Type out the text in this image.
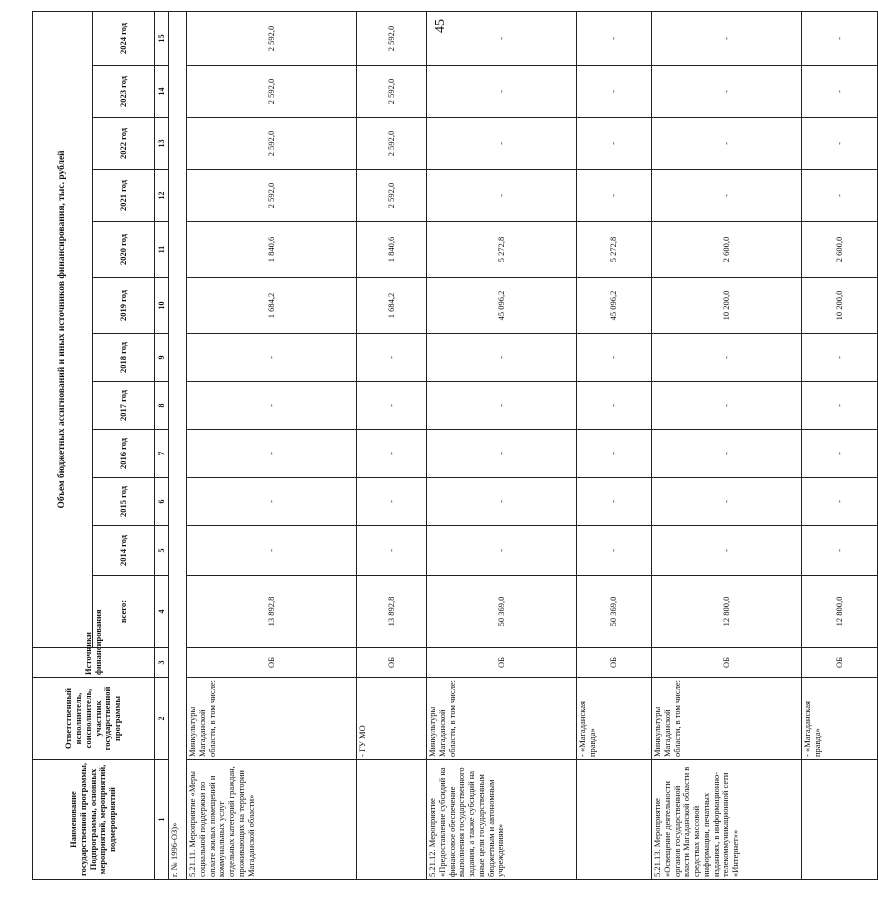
45
Наименование государственной программы, Подпрограммы, основных мероприятий, мероприятий, подмероприятий	Ответственный исполнитель, соисполнитель, участник государственной программы	Источники финансирования	Объем бюджетных ассигнований и иных источников финансирования, тыс. рублей											
			всего:	2014 год	2015 год	2016 год	2017 год	2018 год	2019 год	2020 год	2021 год	2022 год	2023 год	2024 год
1	2	3	4	5	6	7	8	9	10	11	12	13	14	15
г. № 1996-ОЗ)»														
5.21.11. Мероприятие «Меры социальной поддержки по оплате жилых помещений и коммунальных услуг отдельных категорий граждан, проживающих на территории Магаданской области»	Минкультуры Магаданской области, в том числе:	ОБ	13 892,8	-	-	-	-	-	1 684,2	1 840,6	2 592,0	2 592,0	2 592,0	2 592,0
	- ГУ МО	ОБ	13 892,8	-	-	-	-	-	1 684,2	1 840,6	2 592,0	2 592,0	2 592,0	2 592,0
5.21.12. Мероприятие «Предоставление субсидий на финансовое обеспечение выполнения государственного задания, а также субсидий на иные цели государственным бюджетным и автономным учреждениям»	Минкультуры Магаданской области, в том числе:	ОБ	50 369,0	-	-	-	-	-	45 096,2	5 272,8	-	-	-	-
	- «Магаданская правда»	ОБ	50 369,0	-	-	-	-	-	45 096,2	5 272,8	-	-	-	-
5.21.13. Мероприятие «Освещение деятельности органов государственной власти Магаданской области в средствах массовой информации, печатных изданиях, в информационно-телекоммуникационной сети «Интернет»»	Минкультуры Магаданской области, в том числе:	ОБ	12 800,0	-	-	-	-	-	10 200,0	2 600,0	-	-	-	-
	- «Магаданская правда»	ОБ	12 800,0	-	-	-	-	-	10 200,0	2 600,0	-	-	-	-
